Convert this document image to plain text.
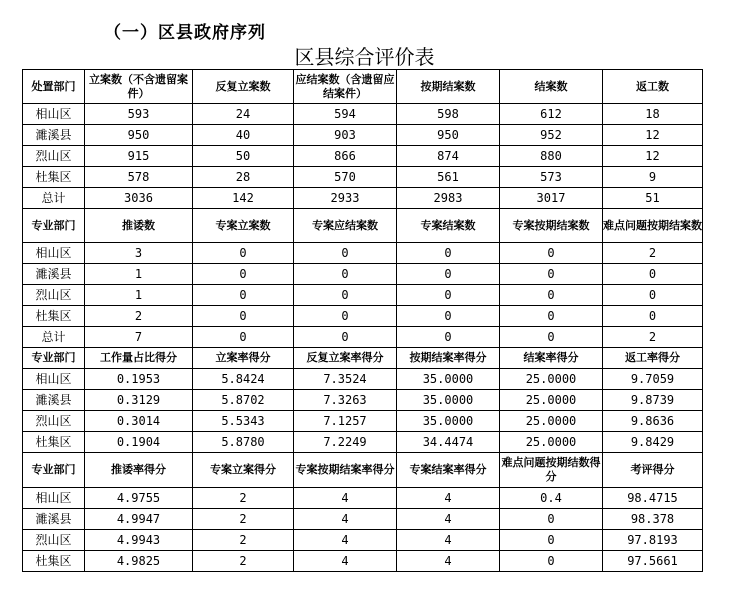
（一）区县政府序列
区县综合评价表
处置部门	立案数（不含遗留案件）	反复立案数	应结案数（含遗留应结案件）	按期结案数	结案数	返工数
相山区	593	24	594	598	612	18
濉溪县	950	40	903	950	952	12
烈山区	915	50	866	874	880	12
杜集区	578	28	570	561	573	9
总计	3036	142	2933	2983	3017	51
专业部门	推诿数	专案立案数	专案应结案数	专案结案数	专案按期结案数	难点问题按期结案数
相山区	3	0	0	0	0	2
濉溪县	1	0	0	0	0	0
烈山区	1	0	0	0	0	0
杜集区	2	0	0	0	0	0
总计	7	0	0	0	0	2
专业部门	工作量占比得分	立案率得分	反复立案率得分	按期结案率得分	结案率得分	返工率得分
相山区	0.1953	5.8424	7.3524	35.0000	25.0000	9.7059
濉溪县	0.3129	5.8702	7.3263	35.0000	25.0000	9.8739
烈山区	0.3014	5.5343	7.1257	35.0000	25.0000	9.8636
杜集区	0.1904	5.8780	7.2249	34.4474	25.0000	9.8429
专业部门	推诿率得分	专案立案得分	专案按期结案率得分	专案结案率得分	难点问题按期结数得分	考评得分
相山区	4.9755	2	4	4	0.4	98.4715
濉溪县	4.9947	2	4	4	0	98.378
烈山区	4.9943	2	4	4	0	97.8193
杜集区	4.9825	2	4	4	0	97.5661
